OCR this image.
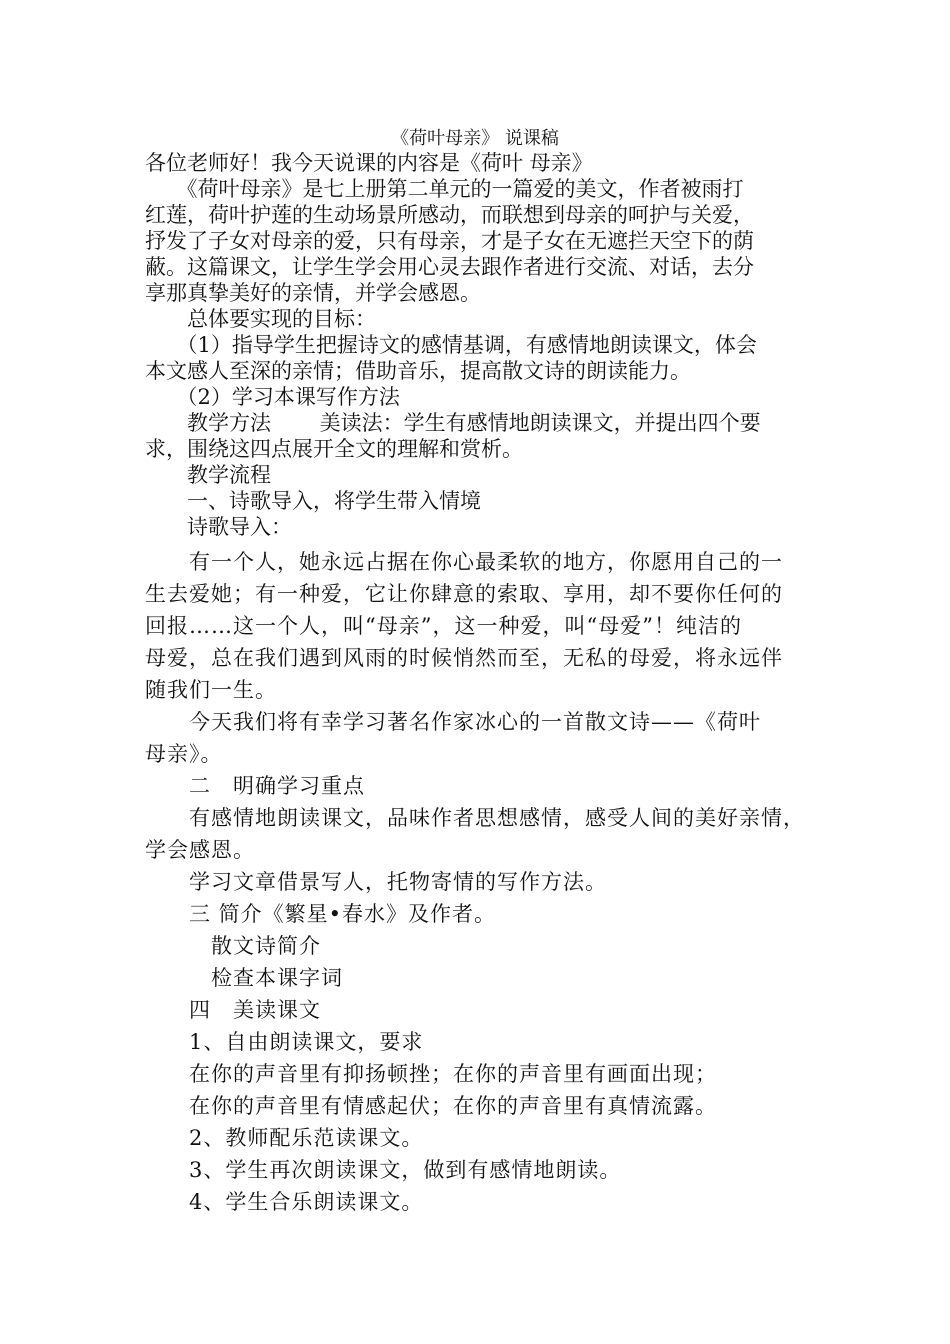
《荷叶母亲》 说课稿
各位老师好！我今天说课的内容是《荷叶 母亲》
　　《荷叶母亲》是七上册第二单元的一篇爱的美文，作者被雨打
红莲，荷叶护莲的生动场景所感动，而联想到母亲的呵护与关爱，
抒发了子女对母亲的爱，只有母亲，才是子女在无遮拦天空下的荫
蔽。这篇课文，让学生学会用心灵去跟作者进行交流、对话，去分
享那真挚美好的亲情，并学会感恩。
　　总体要实现的目标：
　　（1）指导学生把握诗文的感情基调，有感情地朗读课文，体会
本文感人至深的亲情；借助音乐，提高散文诗的朗读能力。
　　（2）学习本课写作方法
　　教学方法　　 美读法：学生有感情地朗读课文，并提出四个要
求，围绕这四点展开全文的理解和赏析。
　　教学流程
　　一、诗歌导入，将学生带入情境
　　诗歌导入：
　　有一个人，她永远占据在你心最柔软的地方，你愿用自己的一
生去爱她；有一种爱，它让你肆意的索取、享用，却不要你任何的
回报……这一个人，叫“母亲”，这一种爱，叫“母爱”！纯洁的
母爱，总在我们遇到风雨的时候悄然而至，无私的母爱，将永远伴
随我们一生。
　　今天我们将有幸学习著名作家冰心的一首散文诗——《荷叶
母亲》。
　　二　明确学习重点
　　有感情地朗读课文，品味作者思想感情，感受人间的美好亲情，
学会感恩。
　　学习文章借景写人，托物寄情的写作方法。
　　三 简介《繁星•春水》及作者。
　　　散文诗简介
　　　检查本课字词
　　四　美读课文
　　1、自由朗读课文，要求
　　在你的声音里有抑扬顿挫；在你的声音里有画面出现；
　　在你的声音里有情感起伏；在你的声音里有真情流露。
　　2、教师配乐范读课文。
　　3、学生再次朗读课文，做到有感情地朗读。
　　4、学生合乐朗读课文。
